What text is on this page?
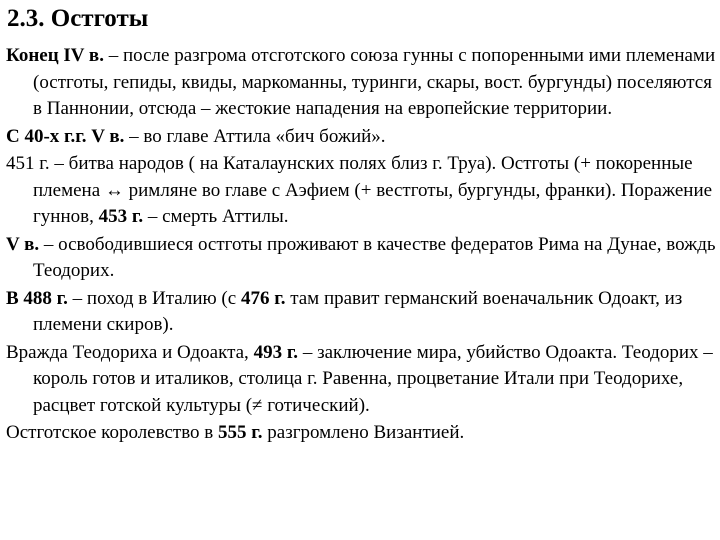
2.3. Остготы

Конец IV в. – после разгрома отсготского союза гунны с попоренными ими племенами (остготы, гепиды, квиды, маркоманны, туринги, скары, вост. бургунды) поселяются в Паннонии, отсюда – жестокие нападения на европейские территории.

С 40-х г.г. V в. – во главе Аттила «бич божий».

451 г. – битва народов ( на Каталаунских полях близ г. Труа). Остготы (+ покоренные племена ↔ римляне во главе с Аэфием (+ вестготы, бургунды, франки). Поражение гуннов, 453 г. – смерть Аттилы.

V в. – освободившиеся остготы проживают в качестве федератов Рима на Дунае, вождь Теодорих.

В 488 г. – поход в Италию (с 476 г. там правит германский военачальник Одоакт, из племени скиров).

Вражда Теодориха и Одоакта, 493 г. – заключение мира, убийство Одоакта. Теодорих – король готов и италиков, столица г. Равенна, процветание Итали при Теодорихе, расцвет готской культуры (≠ готический).

Остготское королевство в 555 г. разгромлено Византией.
